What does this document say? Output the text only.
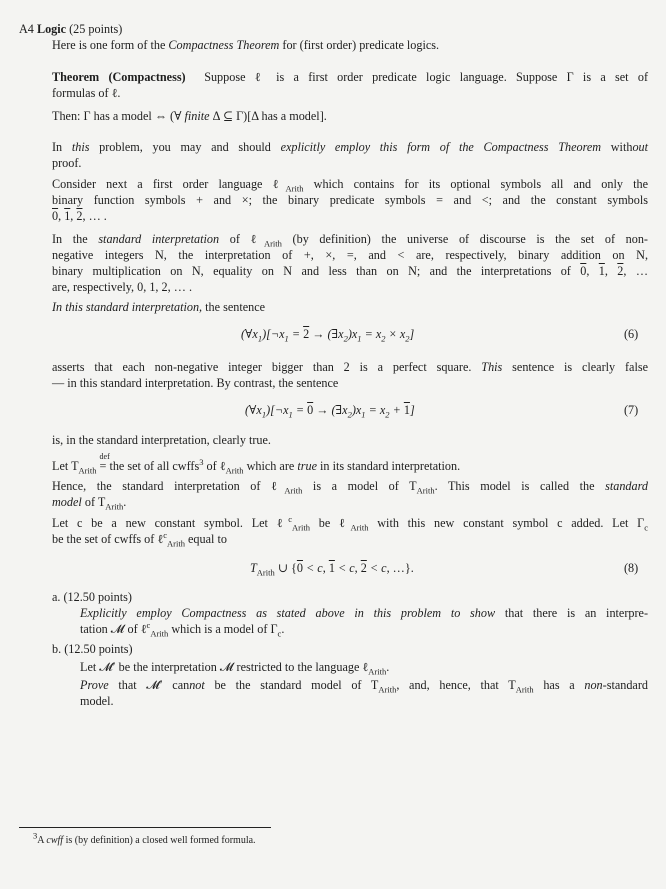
A4 Logic (25 points)
Here is one form of the Compactness Theorem for (first order) predicate logics.
Theorem (Compactness) Suppose ℓ is a first order predicate logic language. Suppose Γ is a set of
formulas of ℓ.
Then: Γ has a model ⇔ (∀ finite Δ ⊆ Γ)[Δ has a model].
In this problem, you may and should explicitly employ this form of the Compactness Theorem without
proof.
Consider next a first order language ℓ$_{Arith}$ which contains for its optional symbols all and only the
binary function symbols + and ×; the binary predicate symbols = and <; and the constant symbols
0, 1, 2, … .
In the standard interpretation of ℓ$_{Arith}$ (by definition) the universe of discourse is the set of non-
negative integers N, the interpretation of +, ×, =, and < are, respectively, binary addition on N,
binary multiplication on N, equality on N and less than on N; and the interpretations of 0, 1, 2, …
are, respectively, 0, 1, 2, … .
In this standard interpretation, the sentence
$(\forall x_1)[\neg x_1 = 2$ → $(\exists x_2)x_1 = x_2 \times x_2$]	(6)
asserts that each non-negative integer bigger than 2 is a perfect square. This sentence is clearly false
— in this standard interpretation. By contrast, the sentence
$(\forall x_1)[\neg x_1 = 0$ → $(\exists x_2)x_1 = x_2 + 1$]	(7)
is, in the standard interpretation, clearly true.
Let $T_{Arith}$
def
= the set of all cwffs$^3$ of ℓ$_{Arith}$ which are true in its standard interpretation.
Hence, the standard interpretation of ℓ$_{Arith}$ is a model of $T_{Arith}$. This model is called the standard
model of $T_{Arith}$.
Let c be a new constant symbol. Let ℓ$^c_{Arith}$ be ℓ$_{Arith}$ with this new constant symbol c added. Let $\Gamma_c$
be the set of cwffs of ℓ$^c_{Arith}$ equal to
$T_{Arith}$ ∪ {0 < c, 1 < c, 2 < c, …}.	(8)
a. (12.50 points)
Explicitly employ Compactness as stated above in this problem to show that there is an interpre-
tation 𝓜 of ℓ$^c_{Arith}$ which is a model of $\Gamma_c$.
b. (12.50 points)
Let 𝓜′ be the interpretation 𝓜 restricted to the language ℓ$_{Arith}$.
Prove that 𝓜′ cannot be the standard model of $T_{Arith}$, and, hence, that $T_{Arith}$ has a non-standard
model.
$^3$A cwff is (by definition) a closed well formed formula.
